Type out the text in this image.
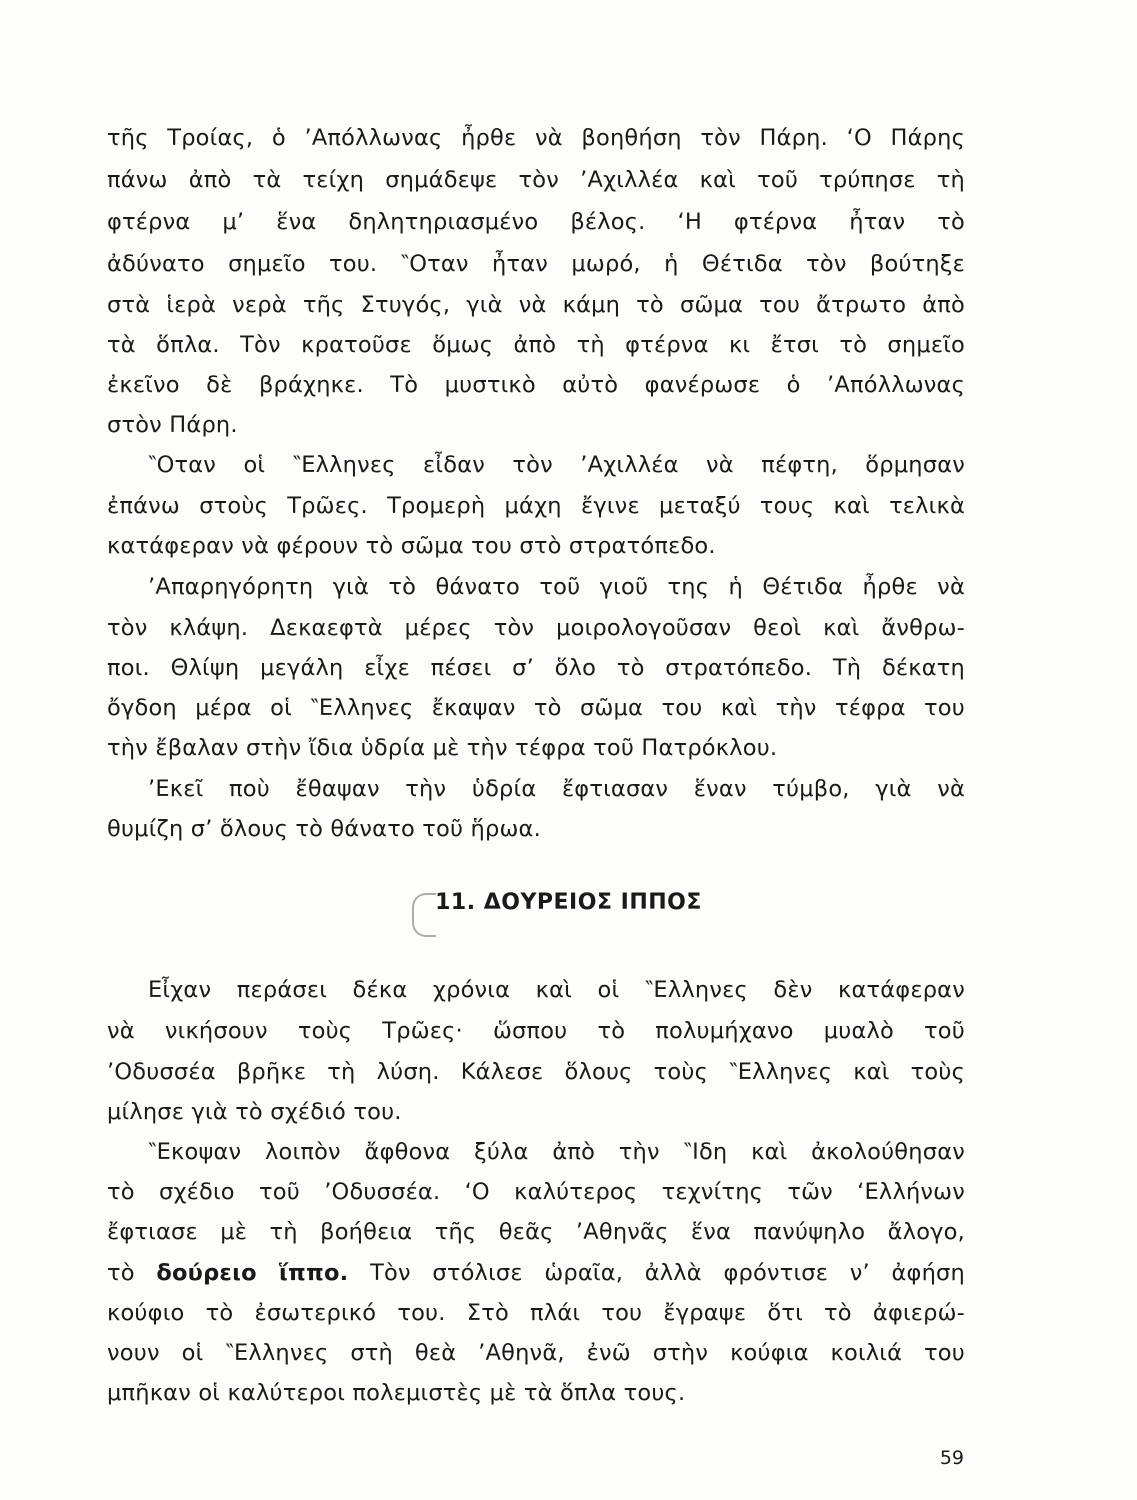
τῆς Τροίας, ὁ ’Απόλλωνας ἦρθε νὰ βοηθήση τὸν Πάρη. ‘Ο Πάρης
πάνω ἀπὸ τὰ τείχη σημάδεψε τὸν ’Αχιλλέα καὶ τοῦ τρύπησε τὴ
φτέρνα μ’ ἕνα δηλητηριασμένο βέλος. ‘Η φτέρνα ἦταν τὸ
ἀδύνατο σημεῖο του. ‶Οταν ἦταν μωρό, ἡ Θέτιδα τὸν βούτηξε
στὰ ἱερὰ νερὰ τῆς Στυγός, γιὰ νὰ κάμη τὸ σῶμα του ἄτρωτο ἀπὸ
τὰ ὅπλα. Τὸν κρατοῦσε ὅμως ἀπὸ τὴ φτέρνα κι ἔτσι τὸ σημεῖο
ἐκεῖνο δὲ βράχηκε. Τὸ μυστικὸ αὐτὸ φανέρωσε ὁ ’Απόλλωνας
στὸν Πάρη.
‶Οταν οἱ ‶Ελληνες εἶδαν τὸν ’Αχιλλέα νὰ πέφτη, ὅρμησαν
ἐπάνω στοὺς Τρῶες. Τρομερὴ μάχη ἔγινε μεταξύ τους καὶ τελικὰ
κατάφεραν νὰ φέρουν τὸ σῶμα του στὸ στρατόπεδο.
’Απαρηγόρητη γιὰ τὸ θάνατο τοῦ γιοῦ της ἡ Θέτιδα ἦρθε νὰ
τὸν κλάψη. Δεκαεφτὰ μέρες τὸν μοιρολογοῦσαν θεοὶ καὶ ἄνθρω-
ποι. Θλίψη μεγάλη εἶχε πέσει σ’ ὅλο τὸ στρατόπεδο. Τὴ δέκατη
ὄγδοη μέρα οἱ ‶Ελληνες ἔκαψαν τὸ σῶμα του καὶ τὴν τέφρα του
τὴν ἔβαλαν στὴν ἴδια ὑδρία μὲ τὴν τέφρα τοῦ Πατρόκλου.
’Εκεῖ ποὺ ἔθαψαν τὴν ὑδρία ἔφτιασαν ἕναν τύμβο, γιὰ νὰ
θυμίζη σ’ ὅλους τὸ θάνατο τοῦ ἥρωα.
11. ΔΟΥΡΕΙΟΣ ΙΠΠΟΣ
Εἶχαν περάσει δέκα χρόνια καὶ οἱ ‶Ελληνες δὲν κατάφεραν
νὰ νικήσουν τοὺς Τρῶες· ὥσπου τὸ πολυμήχανο μυαλὸ τοῦ
’Οδυσσέα βρῆκε τὴ λύση. Κάλεσε ὅλους τοὺς ‶Ελληνες καὶ τοὺς
μίλησε γιὰ τὸ σχέδιό του.
‶Εκοψαν λοιπὸν ἄφθονα ξύλα ἀπὸ τὴν ‶Ιδη καὶ ἀκολούθησαν
τὸ σχέδιο τοῦ ’Οδυσσέα. ‘Ο καλύτερος τεχνίτης τῶν ‘Ελλήνων
ἔφτιασε μὲ τὴ βοήθεια τῆς θεᾶς ’Αθηνᾶς ἕνα πανύψηλο ἄλογο,
τὸ δούρειο ἵππο. Τὸν στόλισε ὡραῖα, ἀλλὰ φρόντισε ν’ ἀφήση
κούφιο τὸ ἐσωτερικό του. Στὸ πλάι του ἔγραψε ὅτι τὸ ἀφιερώ-
νουν οἱ ‶Ελληνες στὴ θεὰ ’Αθηνᾶ, ἐνῶ στὴν κούφια κοιλιά του
μπῆκαν οἱ καλύτεροι πολεμιστὲς μὲ τὰ ὅπλα τους.
59
